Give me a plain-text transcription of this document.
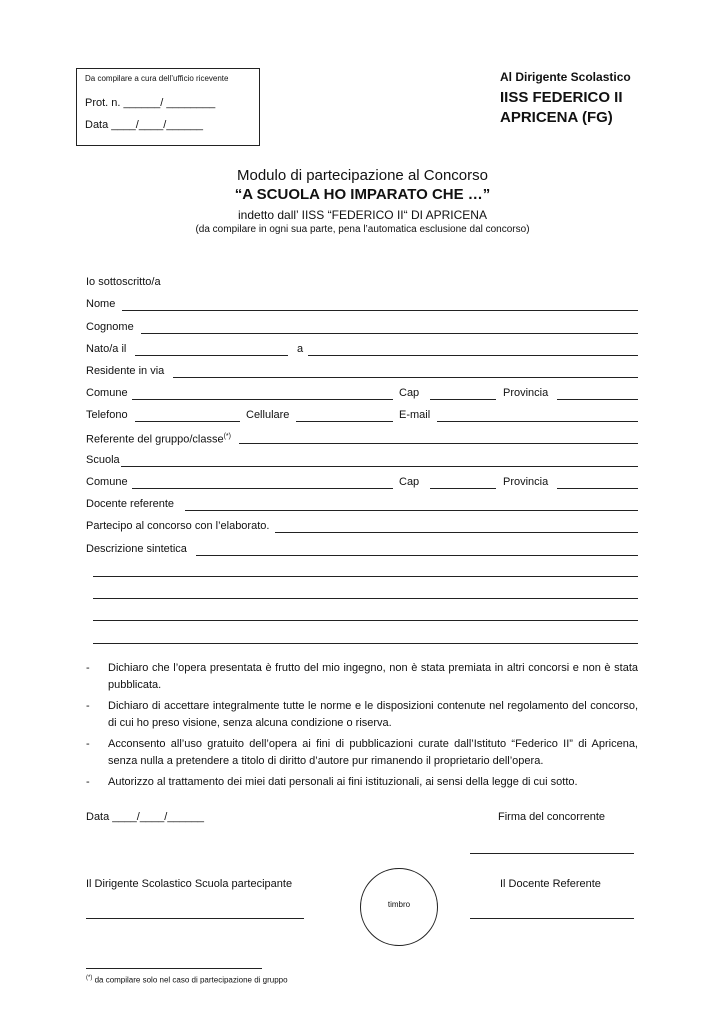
Da compilare a cura dell’ufficio ricevente
Prot. n. ______/ ________
Data ____/____/______
Al Dirigente Scolastico
IISS FEDERICO II
APRICENA (FG)
Modulo di partecipazione al Concorso
“A SCUOLA HO IMPARATO CHE …”
indetto dall’ IISS “FEDERICO II“ DI APRICENA
(da compilare in ogni sua parte, pena l’automatica esclusione dal concorso)
Io sottoscritto/a
Nome
Cognome
Nato/a il	a
Residente in via
Comune	Cap	Provincia
Telefono	Cellulare	E-mail
Referente del gruppo/classe(*)
Scuola
Comune	Cap	Provincia
Docente referente
Partecipo al concorso con l’elaborato.
Descrizione sintetica
- Dichiaro che l’opera presentata è frutto del mio ingegno, non è stata premiata in altri concorsi e non è stata pubblicata.
- Dichiaro di accettare integralmente tutte le norme e le disposizioni contenute nel regolamento del concorso, di cui ho preso visione, senza alcuna condizione o riserva.
- Acconsento all’uso gratuito dell’opera ai fini di pubblicazioni curate dall’Istituto “Federico II” di Apricena, senza nulla a pretendere a titolo di diritto d’autore pur rimanendo il proprietario dell’opera.
- Autorizzo al trattamento dei miei dati personali ai fini istituzionali, ai sensi della legge di cui sotto.
Data ____/____/______	Firma del concorrente
Il Dirigente Scolastico Scuola partecipante	Il Docente Referente
timbro
(*) da compilare solo nel caso di partecipazione di gruppo
